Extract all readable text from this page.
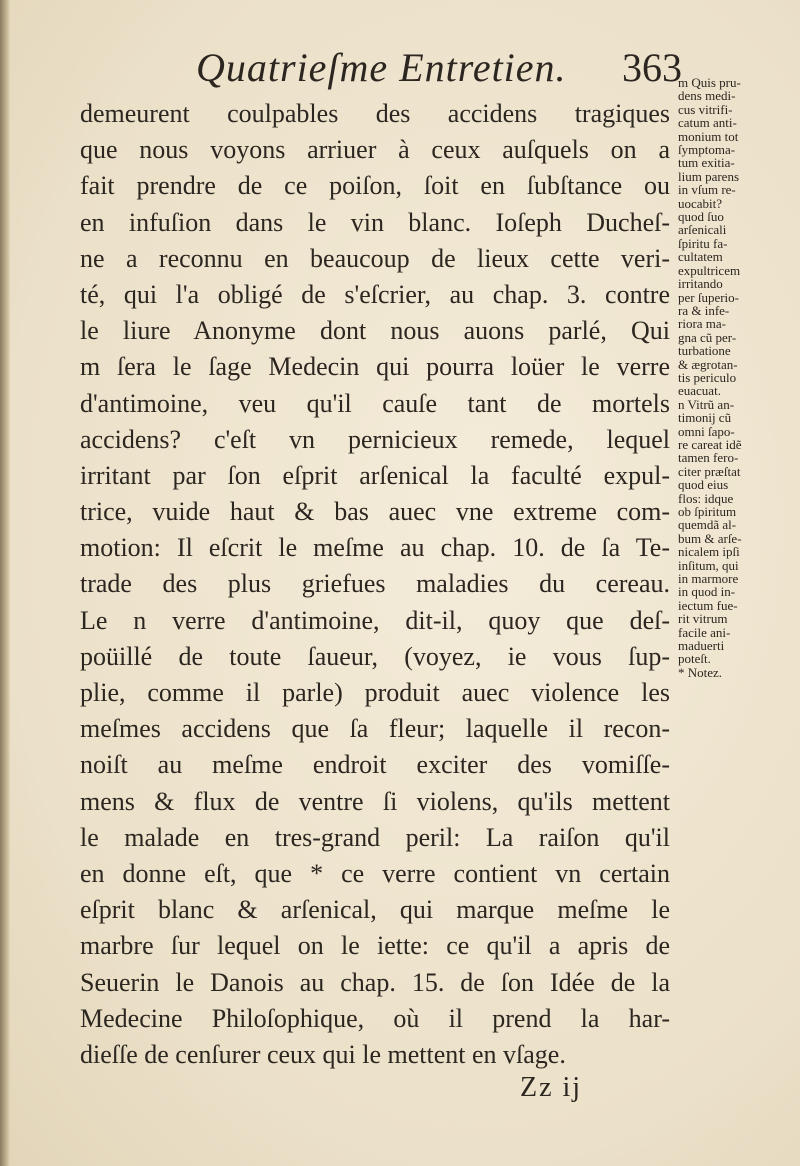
Quatrieſme Entretien. 363
demeurent coulpables des accidens tragiques
que nous voyons arriuer à ceux auſquels on a
fait prendre de ce poiſon, ſoit en ſubſtance ou
en infuſion dans le vin blanc. Ioſeph Ducheſ-
ne a reconnu en beaucoup de lieux cette veri-
té, qui l'a obligé de s'eſcrier, au chap. 3. contre
le liure Anonyme dont nous auons parlé, Qui
m ſera le ſage Medecin qui pourra loüer le verre
d'antimoine, veu qu'il cauſe tant de mortels
accidens? c'eſt vn pernicieux remede, lequel
irritant par ſon eſprit arſenical la faculté expul-
trice, vuide haut & bas auec vne extreme com-
motion: Il eſcrit le meſme au chap. 10. de ſa Te-
trade des plus griefues maladies du cereau.
Le n verre d'antimoine, dit-il, quoy que deſ-
poüillé de toute ſaueur, (voyez, ie vous ſup-
plie, comme il parle) produit auec violence les
meſmes accidens que ſa fleur; laquelle il recon-
noiſt au meſme endroit exciter des vomiſſe-
mens & flux de ventre ſi violens, qu'ils mettent
le malade en tres-grand peril: La raiſon qu'il
en donne eſt, que * ce verre contient vn certain
eſprit blanc & arſenical, qui marque meſme le
marbre ſur lequel on le iette: ce qu'il a apris de
Seuerin le Danois au chap. 15. de ſon Idée de la
Medecine Philoſophique, où il prend la har-
dieſſe de cenſurer ceux qui le mettent en vſage.
m Quis pru-
dens medi-
cus vitrifi-
catum anti-
monium tot
ſymptoma-
tum exitia-
lium parens
in vſum re-
uocabit?
quod ſuo
arſenicali
ſpiritu fa-
cultatem
expultricem
irritando
per ſuperio-
ra & infe-
riora ma-
gna cũ per-
turbatione
& ægrotan-
tis periculo
euacuat.
n Vitrũ an-
timonij cũ
omni ſapo-
re careat idẽ
tamen fero-
citer præſtat
quod eius
flos: idque
ob ſpiritum
quemdã al-
bum & arſe-
nicalem ipſi
inſitum, qui
in marmore
in quod in-
iectum fue-
rit vitrum
facile ani-
maduerti
poteſt.
* Notez.
Zz ij
